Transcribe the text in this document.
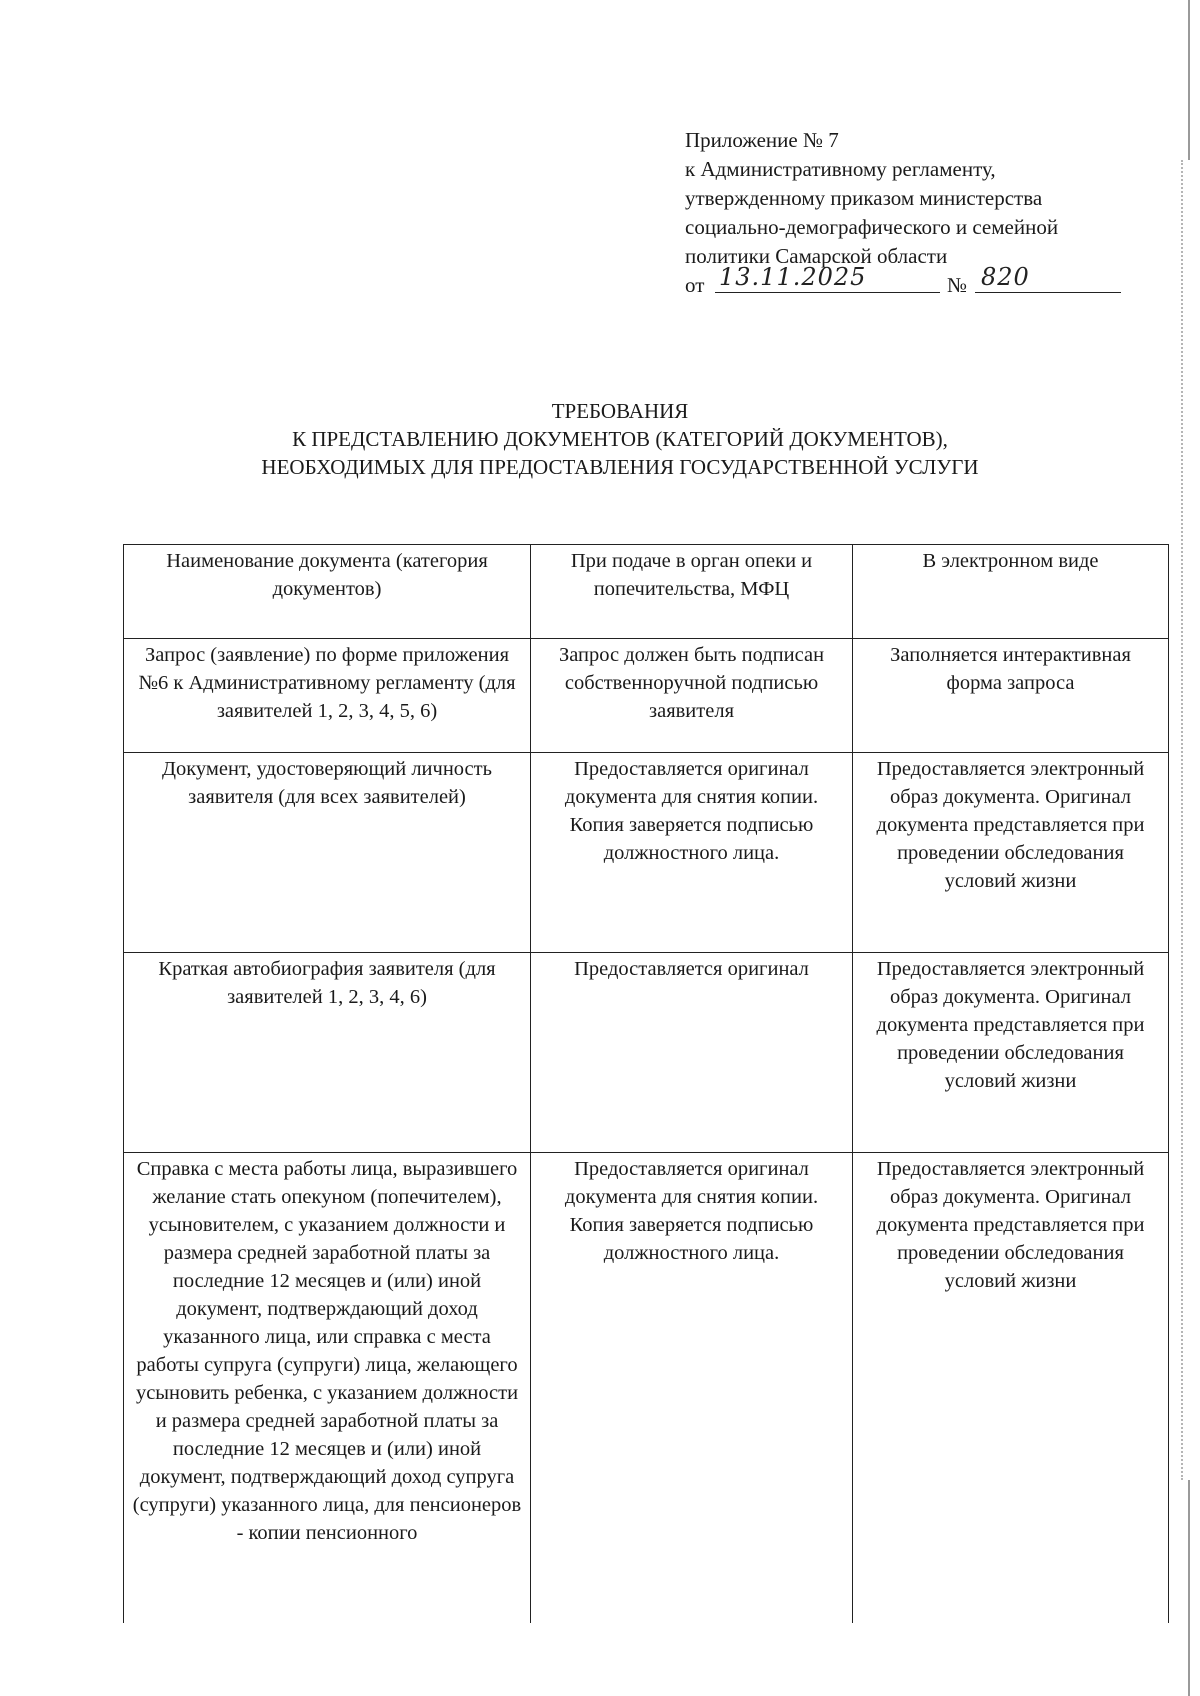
Приложение № 7
к Административному регламенту,
утвержденному приказом министерства
социально-демографического и семейной
политики Самарской области
от 13.11.2025	№ 820
ТРЕБОВАНИЯ
К ПРЕДСТАВЛЕНИЮ ДОКУМЕНТОВ (КАТЕГОРИЙ ДОКУМЕНТОВ),
НЕОБХОДИМЫХ ДЛЯ ПРЕДОСТАВЛЕНИЯ ГОСУДАРСТВЕННОЙ УСЛУГИ
Наименование документа (категория документов)	При подаче в орган опеки и попечительства, МФЦ	В электронном виде
Запрос (заявление) по форме приложения №6 к Административному регламенту (для заявителей 1, 2, 3, 4, 5, 6)	Запрос должен быть подписан собственноручной подписью заявителя	Заполняется интерактивная форма запроса
Документ, удостоверяющий личность заявителя (для всех заявителей)	Предоставляется оригинал документа для снятия копии. Копия заверяется подписью должностного лица.	Предоставляется электронный образ документа. Оригинал документа представляется при проведении обследования условий жизни
Краткая автобиография заявителя (для заявителей 1, 2, 3, 4, 6)	Предоставляется оригинал	Предоставляется электронный образ документа. Оригинал документа представляется при проведении обследования условий жизни
Справка с места работы лица, выразившего желание стать опекуном (попечителем), усыновителем, с указанием должности и размера средней заработной платы за последние 12 месяцев и (или) иной документ, подтверждающий доход указанного лица, или справка с места работы супруга (супруги) лица, желающего усыновить ребенка, с указанием должности и размера средней заработной платы за последние 12 месяцев и (или) иной документ, подтверждающий доход супруга (супруги) указанного лица, для пенсионеров - копии пенсионного	Предоставляется оригинал документа для снятия копии. Копия заверяется подписью должностного лица.	Предоставляется электронный образ документа. Оригинал документа представляется при проведении обследования условий жизни
